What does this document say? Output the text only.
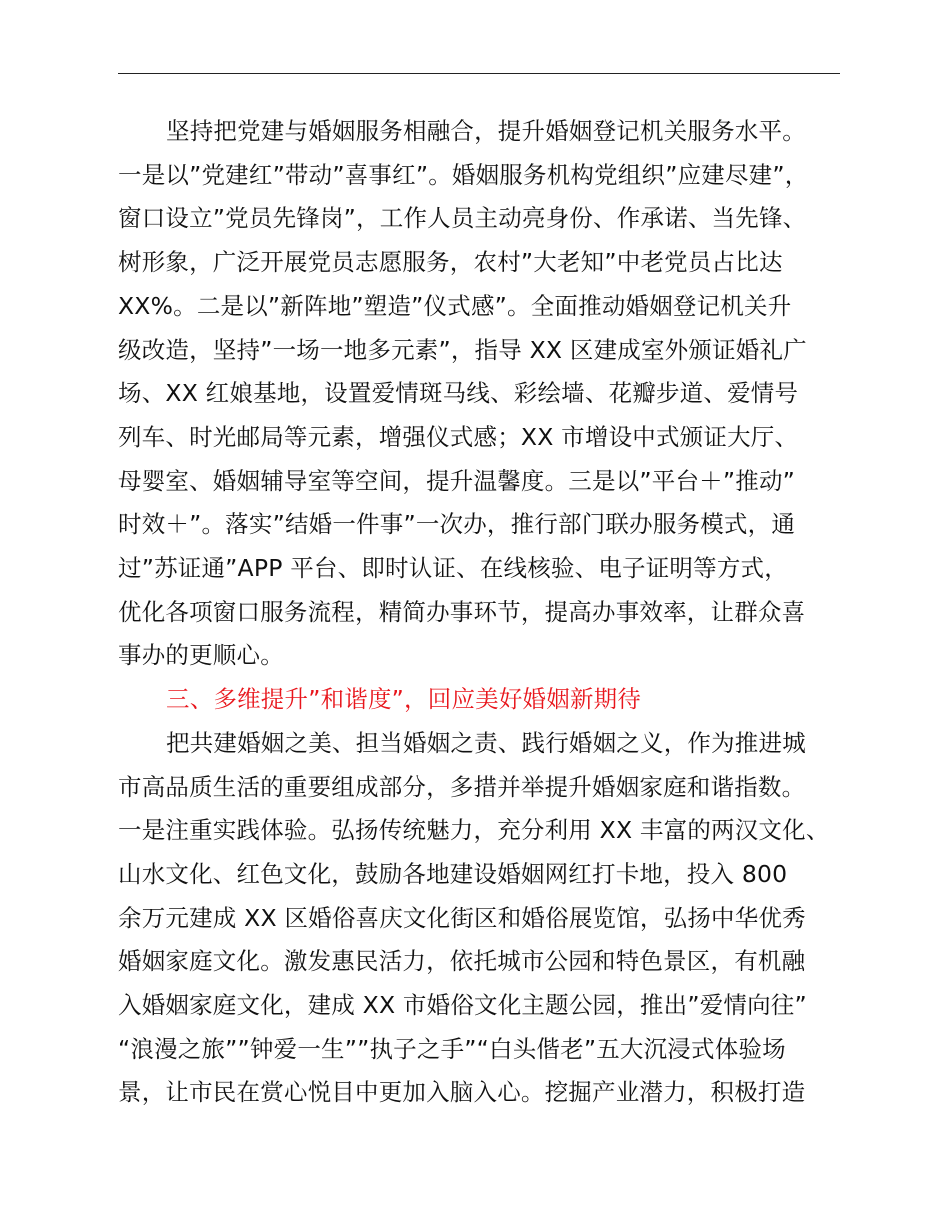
坚持把党建与婚姻服务相融合，提升婚姻登记机关服务水平。
一是以”党建红”带动”喜事红”。婚姻服务机构党组织”应建尽建”，
窗口设立”党员先锋岗”，工作人员主动亮身份、作承诺、当先锋、
树形象，广泛开展党员志愿服务，农村”大老知”中老党员占比达
XX%。二是以”新阵地”塑造”仪式感”。全面推动婚姻登记机关升
级改造，坚持”一场一地多元素”，指导 XX 区建成室外颁证婚礼广
场、XX 红娘基地，设置爱情斑马线、彩绘墙、花瓣步道、爱情号
列车、时光邮局等元素，增强仪式感；XX 市增设中式颁证大厅、
母婴室、婚姻辅导室等空间，提升温馨度。三是以”平台＋”推动”
时效＋”。落实”结婚一件事”一次办，推行部门联办服务模式，通
过”苏证通”APP 平台、即时认证、在线核验、电子证明等方式，
优化各项窗口服务流程，精简办事环节，提高办事效率，让群众喜
事办的更顺心。

三、多维提升”和谐度”，回应美好婚姻新期待

把共建婚姻之美、担当婚姻之责、践行婚姻之义，作为推进城
市高品质生活的重要组成部分，多措并举提升婚姻家庭和谐指数。
一是注重实践体验。弘扬传统魅力，充分利用 XX 丰富的两汉文化、
山水文化、红色文化，鼓励各地建设婚姻网红打卡地，投入 800
余万元建成 XX 区婚俗喜庆文化街区和婚俗展览馆，弘扬中华优秀
婚姻家庭文化。激发惠民活力，依托城市公园和特色景区，有机融
入婚姻家庭文化，建成 XX 市婚俗文化主题公园，推出”爱情向往”
“浪漫之旅””钟爱一生””执子之手”“白头偕老”五大沉浸式体验场
景，让市民在赏心悦目中更加入脑入心。挖掘产业潜力，积极打造
